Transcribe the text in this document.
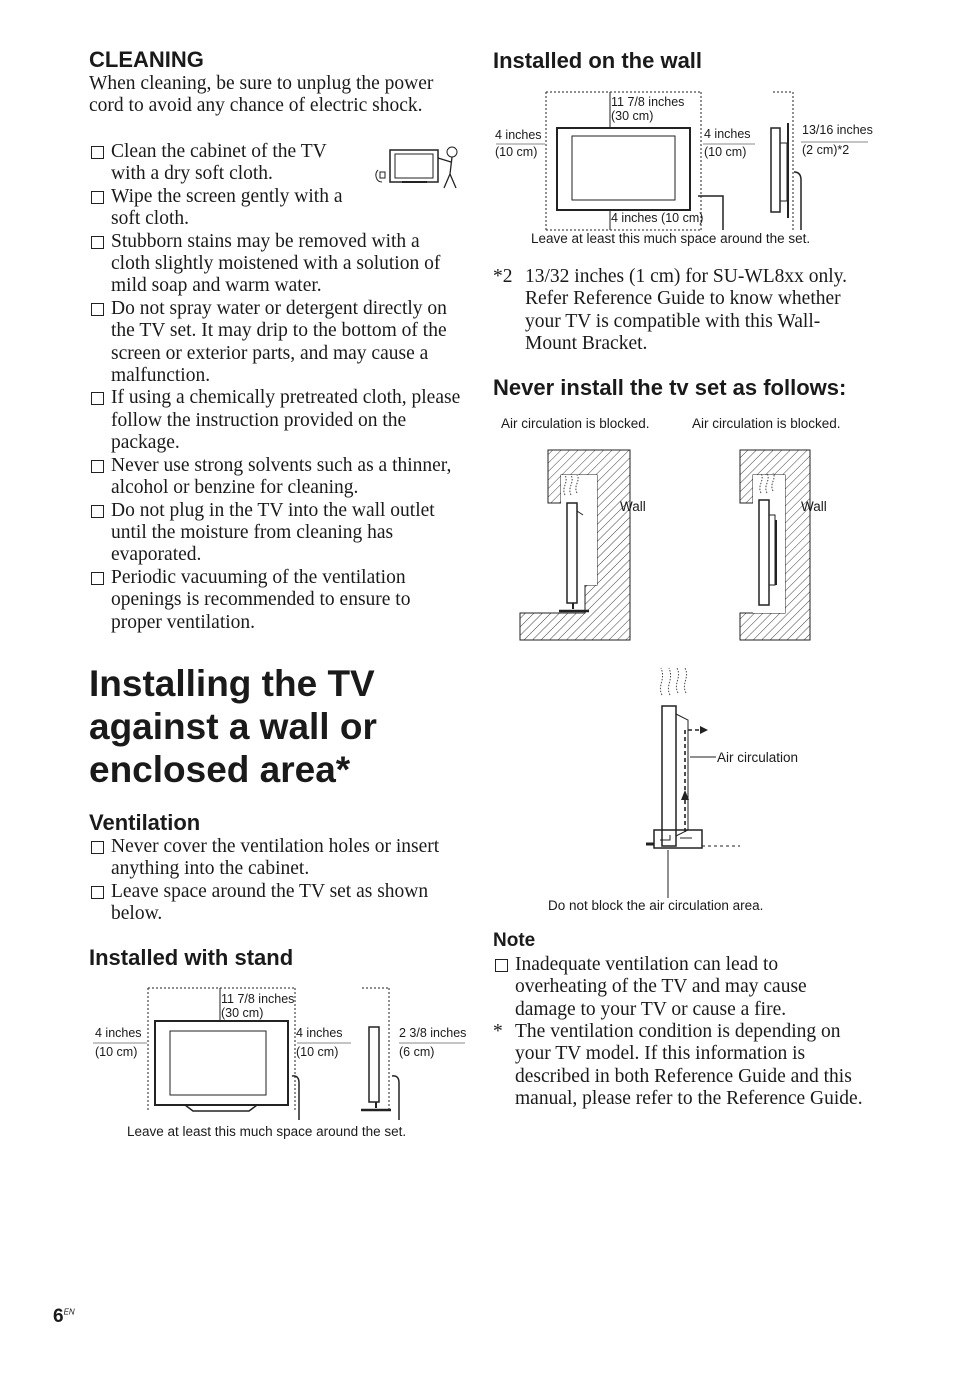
CLEANING
When cleaning, be sure to unplug the power cord to avoid any chance of electric shock.
Clean the cabinet of the TV with a dry soft cloth.
Wipe the screen gently with a soft cloth.
Stubborn stains may be removed with a cloth slightly moistened with a solution of mild soap and warm water.
Do not spray water or detergent directly on the TV set. It may drip to the bottom of the screen or exterior parts, and may cause a malfunction.
If using a chemically pretreated cloth, please follow the instruction provided on the package.
Never use strong solvents such as a thinner, alcohol or benzine for cleaning.
Do not plug in the TV into the wall outlet until the moisture from cleaning has evaporated.
Periodic vacuuming of the ventilation openings is recommended to ensure to proper ventilation.
Installing the TV against a wall or enclosed area*
Ventilation
Never cover the ventilation holes or insert anything into the cabinet.
Leave space around the TV set as shown below.
Installed with stand
11 7/8 inches
(30 cm)
4 inches
(10 cm)
4 inches
(10 cm)
2 3/8 inches
(6 cm)
Leave at least this much space around the set.
$6^{EN}$
Installed on the wall
11 7/8 inches
(30 cm)
4 inches
(10 cm)
4 inches
(10 cm)
4 inches (10 cm)
13/16 inches
(2 cm)*2
Leave at least this much space around the set.
*2 13/32 inches (1 cm) for SU-WL8xx only. Refer Reference Guide to know whether your TV is compatible with this Wall-Mount Bracket.
Never install the tv set as follows:
Air circulation is blocked.	Air circulation is blocked.
Wall	Wall
Air circulation
Do not block the air circulation area.
Note
Inadequate ventilation can lead to overheating of the TV and may cause damage to your TV or cause a fire.
* The ventilation condition is depending on your TV model. If this information is described in both Reference Guide and this manual, please refer to the Reference Guide.
